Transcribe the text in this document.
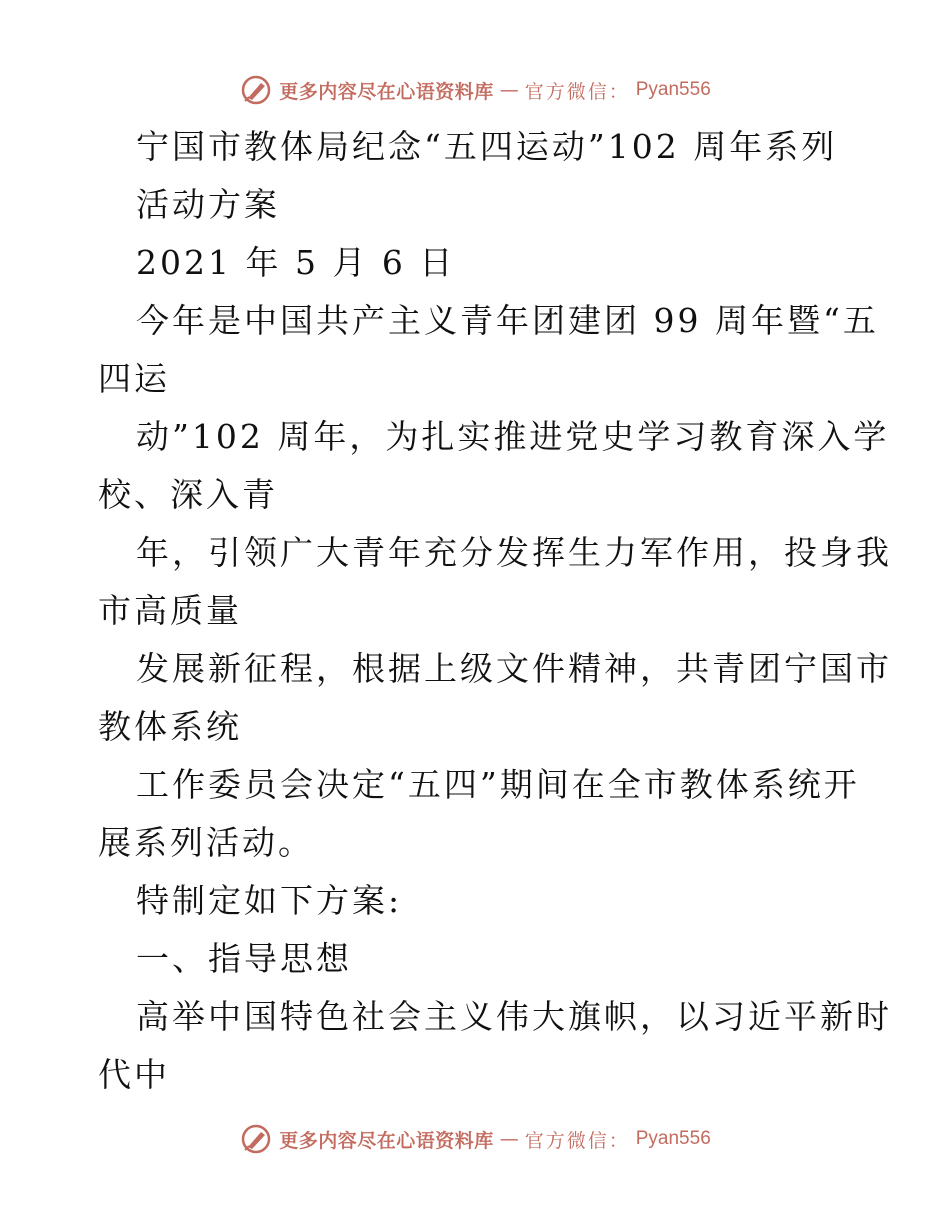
更多内容尽在心语资料库 — 官方微信： Pyan556
宁国市教体局纪念“五四运动”102 周年系列
活动方案
2021 年 5 月 6 日
今年是中国共产主义青年团建团 99 周年暨“五
四运
动”102 周年，为扎实推进党史学习教育深入学
校、深入青
年，引领广大青年充分发挥生力军作用，投身我
市高质量
发展新征程，根据上级文件精神，共青团宁国市
教体系统
工作委员会决定“五四”期间在全市教体系统开
展系列活动。
特制定如下方案:
一、指导思想
高举中国特色社会主义伟大旗帜，以习近平新时
代中
更多内容尽在心语资料库 — 官方微信： Pyan556
